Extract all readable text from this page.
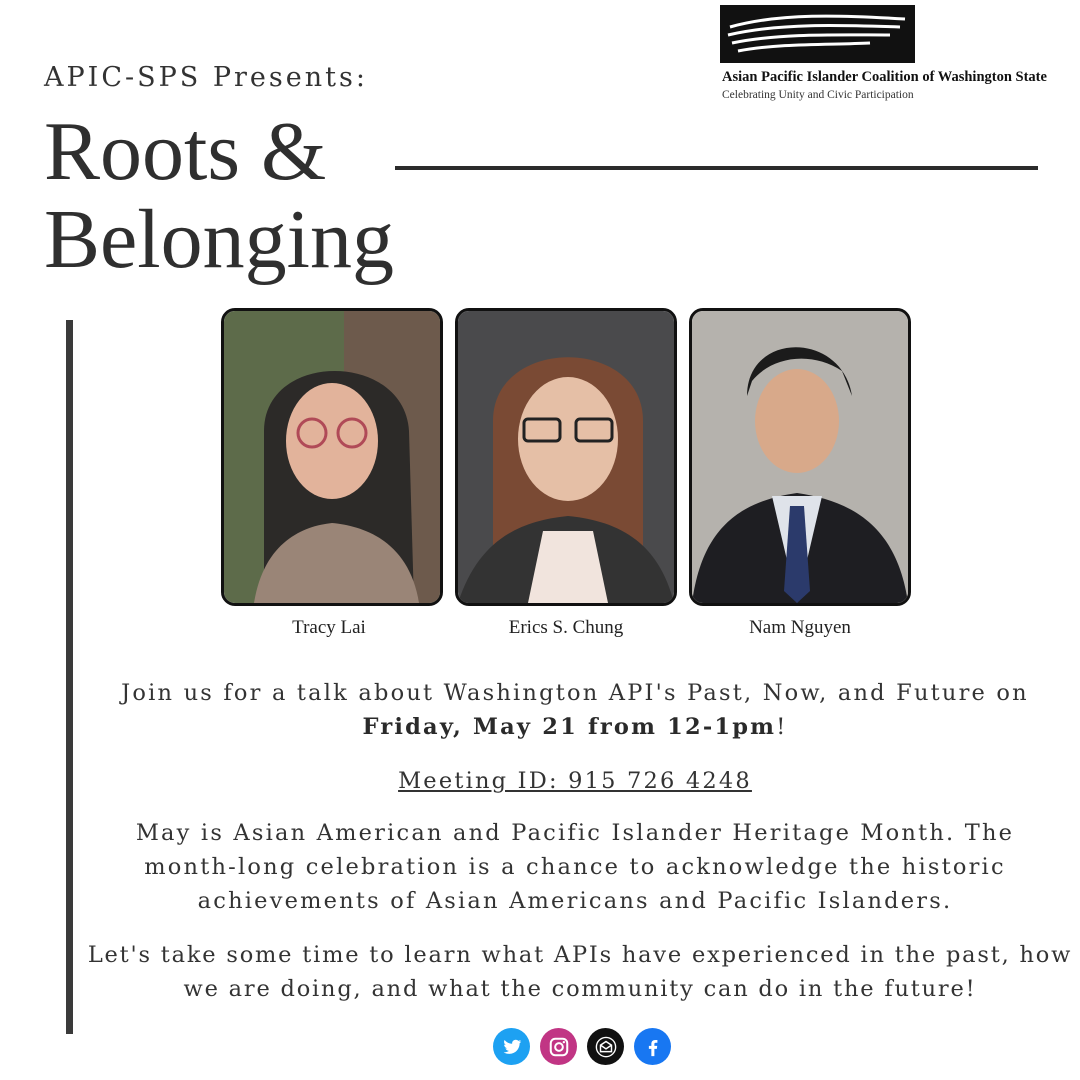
APIC-SPS Presents:
Roots &
Belonging
Asian Pacific Islander Coalition of Washington State
Celebrating Unity and Civic Participation
Tracy Lai	Erics S. Chung	Nam Nguyen

Join us for a talk about Washington API's Past, Now, and Future on
Friday, May 21 from 12-1pm!

Meeting ID: 915 726 4248

May is Asian American and Pacific Islander Heritage Month. The month-long celebration is a chance to acknowledge the historic achievements of Asian Americans and Pacific Islanders.

Let's take some time to learn what APIs have experienced in the past, how we are doing, and what the community can do in the future!
